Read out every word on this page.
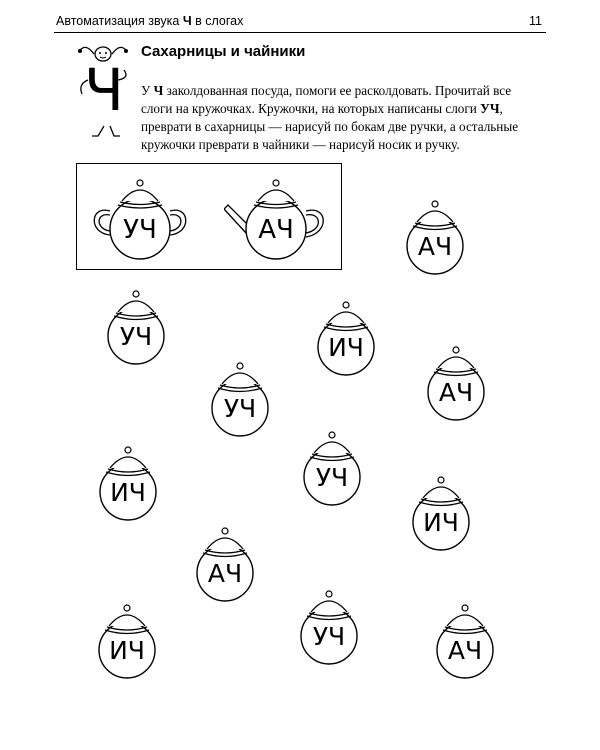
Автоматизация звука Ч в слогах	11
Ч
Сахарницы и чайники

У Ч заколдованная посуда, помоги ее расколдовать. Прочитай все слоги на кружочках. Кружочки, на которых написаны слоги УЧ, преврати в сахарницы — нарисуй по бокам две ручки, а остальные кружочки преврати в чайники — нарисуй носик и ручку.

УЧ	АЧ
АЧ
УЧ	ИЧ
АЧ
УЧ
ИЧ
УЧ
ИЧ
АЧ
ИЧ	УЧ	АЧ
